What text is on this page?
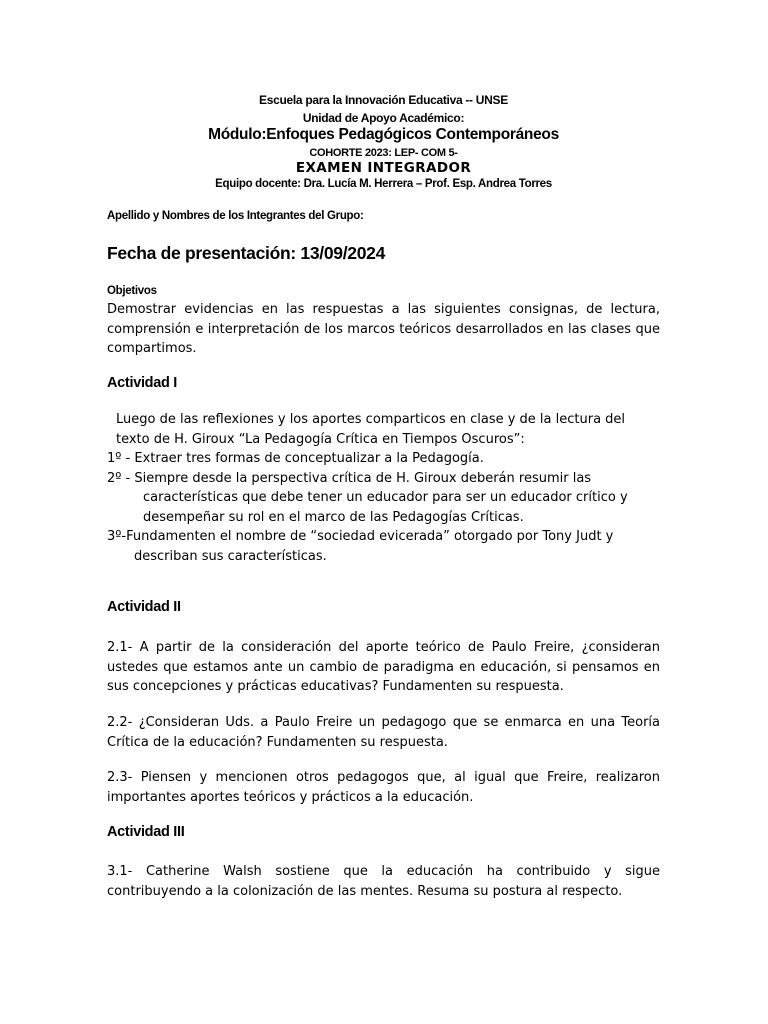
Escuela para la Innovación Educativa -- UNSE

Unidad de Apoyo Académico:

Módulo:Enfoques Pedagógicos Contemporáneos

COHORTE 2023: LEP- COM 5-

EXAMEN INTEGRADOR

Equipo docente: Dra. Lucía M. Herrera – Prof. Esp. Andrea Torres

Apellido y Nombres de los Integrantes del Grupo:

Fecha de presentación: 13/09/2024

Objetivos

Demostrar evidencias en las respuestas a las siguientes consignas, de lectura, comprensión e interpretación de los marcos teóricos desarrollados en las clases que compartimos.

Actividad I

Luego de las reflexiones y los aportes comparticos en clase y de la lectura del texto de H. Giroux “La Pedagogía Crítica en Tiempos Oscuros”:
1º - Extraer tres formas de conceptualizar a la Pedagogía.
2º - Siempre desde la perspectiva crítica de H. Giroux deberán resumir las características que debe tener un educador para ser un educador crítico y desempeñar su rol en el marco de las Pedagogías Críticas.
3º-Fundamenten el nombre de “sociedad evicerada” otorgado por Tony Judt y describan sus características.

Actividad II

2.1- A partir de la consideración del aporte teórico de Paulo Freire, ¿consideran ustedes que estamos ante un cambio de paradigma en educación, si pensamos en sus concepciones y prácticas educativas? Fundamenten su respuesta.

2.2- ¿Consideran Uds. a Paulo Freire un pedagogo que se enmarca en una Teoría Crítica de la educación? Fundamenten su respuesta.

2.3- Piensen y mencionen otros pedagogos que, al igual que Freire, realizaron importantes aportes teóricos y prácticos a la educación.

Actividad III

3.1- Catherine Walsh sostiene que la educación ha contribuido y sigue contribuyendo a la colonización de las mentes. Resuma su postura al respecto.
